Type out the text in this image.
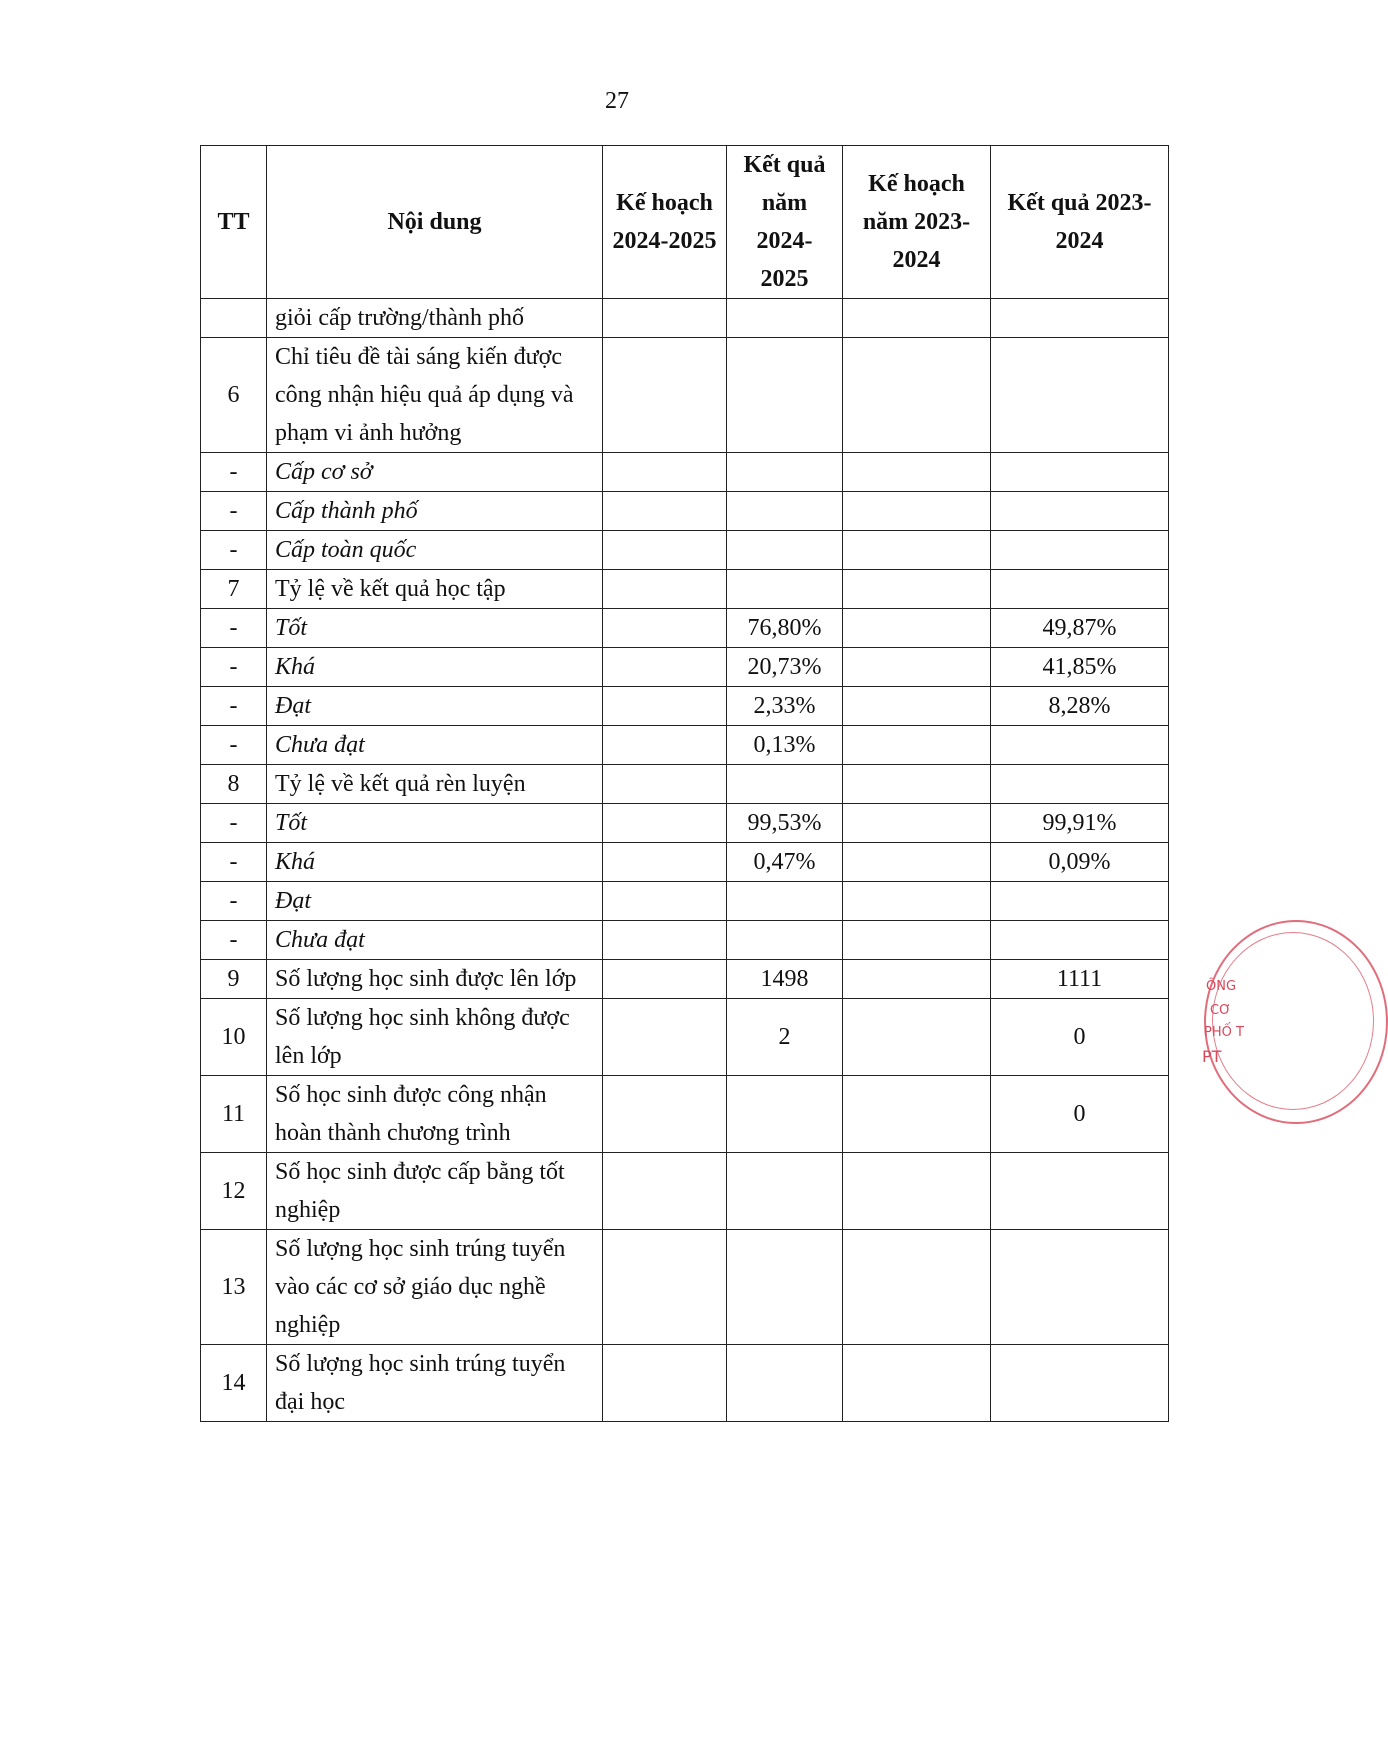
27
TT	Nội dung	Kế hoạch 2024-2025	Kết quả năm 2024-2025	Kế hoạch năm 2023-2024	Kết quả 2023-2024
	giỏi cấp trường/thành phố				
6	Chỉ tiêu đề tài sáng kiến được công nhận hiệu quả áp dụng và phạm vi ảnh hưởng				
-	Cấp cơ sở				
-	Cấp thành phố				
-	Cấp toàn quốc				
7	Tỷ lệ về kết quả học tập				
-	Tốt		76,80%		49,87%
-	Khá		20,73%		41,85%
-	Đạt		2,33%		8,28%
-	Chưa đạt		0,13%		
8	Tỷ lệ về kết quả rèn luyện				
-	Tốt		99,53%		99,91%
-	Khá		0,47%		0,09%
-	Đạt				
-	Chưa đạt				
9	Số lượng học sinh được lên lớp		1498		1111
10	Số lượng học sinh không được lên lớp		2		0
11	Số học sinh được công nhận hoàn thành chương trình				0
12	Số học sinh được cấp bằng tốt nghiệp				
13	Số lượng học sinh trúng tuyển vào các cơ sở giáo dục nghề nghiệp				
14	Số lượng học sinh trúng tuyển đại học				
ÔNG
CƠ
PHỐ T
PT
